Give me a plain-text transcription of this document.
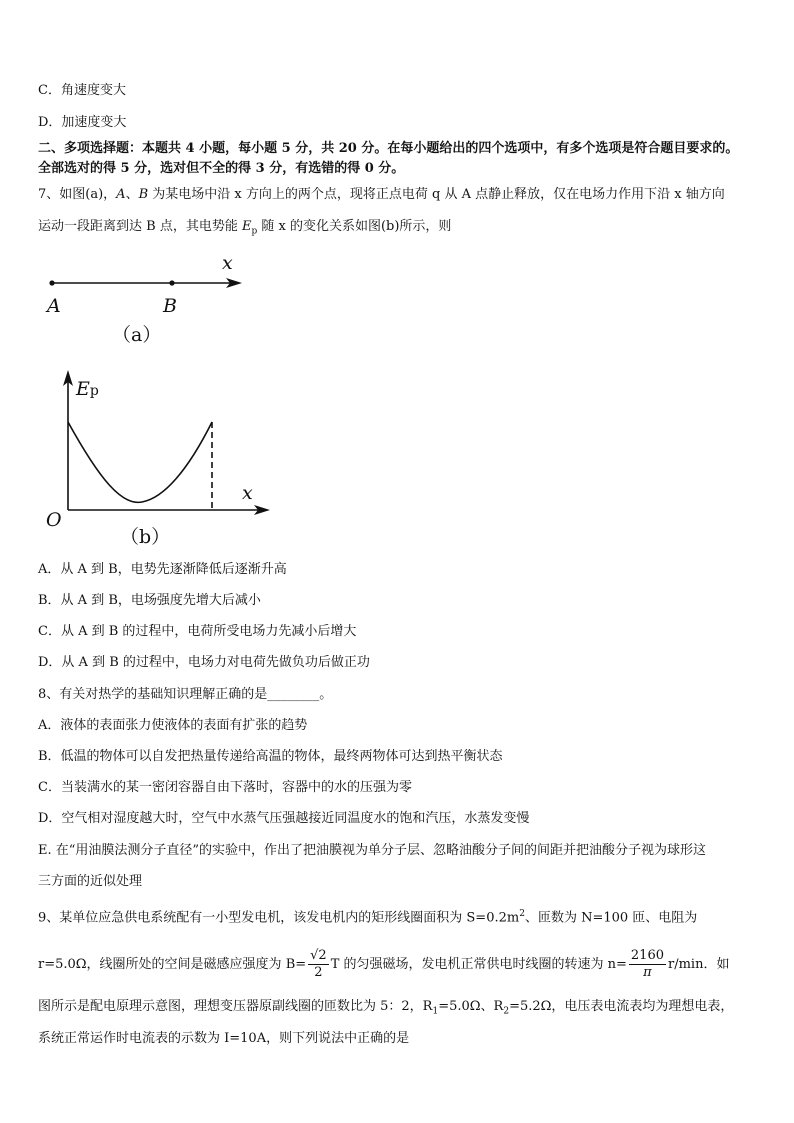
C．角速度变大
D．加速度变大
二、多项选择题：本题共 4 小题，每小题 5 分，共 20 分。在每小题给出的四个选项中，有多个选项是符合题目要求的。
全部选对的得 5 分，选对但不全的得 3 分，有选错的得 0 分。
7、如图(a)，A、B 为某电场中沿 x 方向上的两个点，现将正点电荷 q 从 A 点静止释放，仅在电场力作用下沿 x 轴方向
运动一段距离到达 B 点，其电势能 $E_p$ 随 x 的变化关系如图(b)所示，则
x
A	B
（a）
Ep
x
O
（b）
A．从 A 到 B，电势先逐渐降低后逐渐升高
B．从 A 到 B，电场强度先增大后减小
C．从 A 到 B 的过程中，电荷所受电场力先减小后增大
D．从 A 到 B 的过程中，电场力对电荷先做负功后做正功
8、有关对热学的基础知识理解正确的是________。
A．液体的表面张力使液体的表面有扩张的趋势
B．低温的物体可以自发把热量传递给高温的物体，最终两物体可达到热平衡状态
C．当装满水的某一密闭容器自由下落时，容器中的水的压强为零
D．空气相对湿度越大时，空气中水蒸气压强越接近同温度水的饱和汽压，水蒸发变慢
E. 在“用油膜法测分子直径”的实验中，作出了把油膜视为单分子层、忽略油酸分子间的间距并把油酸分子视为球形这
三方面的近似处理
9、某单位应急供电系统配有一小型发电机，该发电机内的矩形线圈面积为 $S=0.2m^2$、匝数为 N=100 匝、电阻为
r=5.0Ω，线圈所处的空间是磁感应强度为 $B= \frac{√2}{2}$ T 的匀强磁场，发电机正常供电时线圈的转速为 $n= \frac{2160}{\pi} r/\min$．如
图所示是配电原理示意图，理想变压器原副线圈的匝数比为 5：2，$R_1=5.0\Omega$、$R_2=5.2\Omega$，电压表电流表均为理想电表，
系统正常运作时电流表的示数为 I=10A，则下列说法中正确的是
